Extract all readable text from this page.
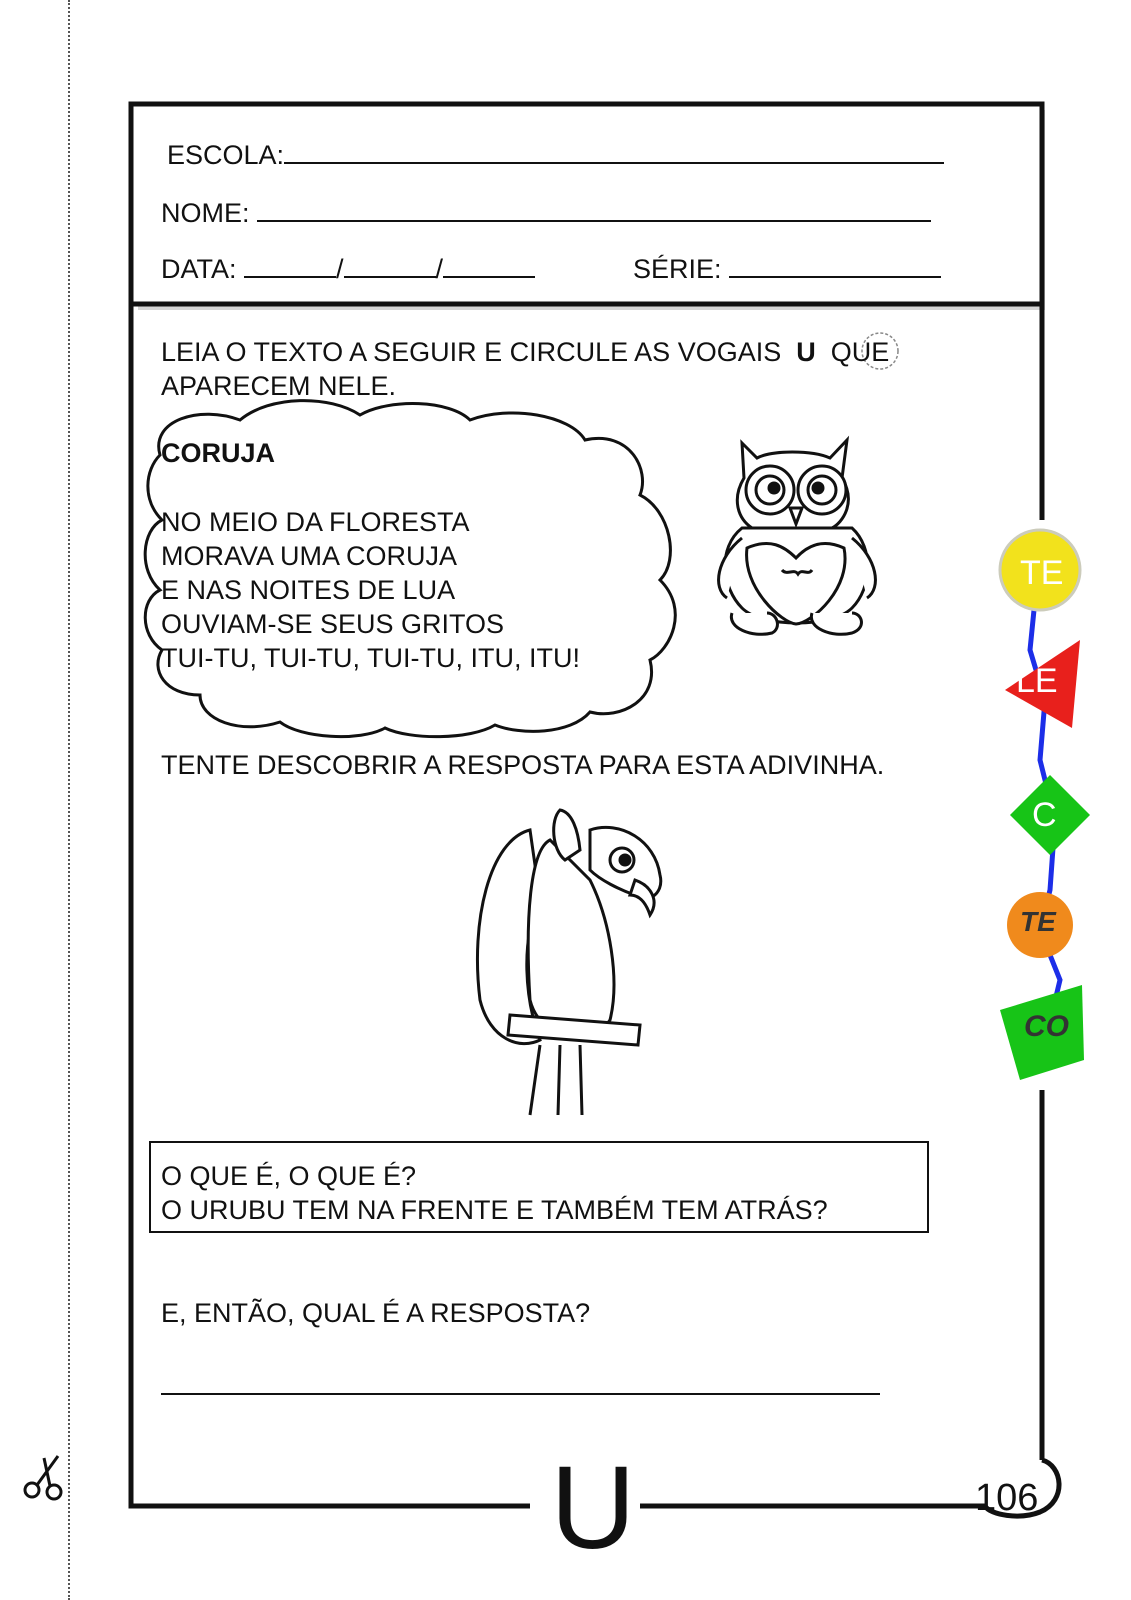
TE
LE
C
TE
CO
ESCOLA:
NOME:
DATA:	/	/	SÉRIE:
LEIA O TEXTO A SEGUIR E CIRCULE AS VOGAIS U QUE
APARECEM NELE.
CORUJA
NO MEIO DA FLORESTA
MORAVA UMA CORUJA
E NAS NOITES DE LUA
OUVIAM-SE SEUS GRITOS
TUI-TU, TUI-TU, TUI-TU, ITU, ITU!
TENTE DESCOBRIR A RESPOSTA PARA ESTA ADIVINHA.
O QUE É, O QUE É?
O URUBU TEM NA FRENTE E TAMBÉM TEM ATRÁS?
E, ENTÃO, QUAL É A RESPOSTA?
U	106
